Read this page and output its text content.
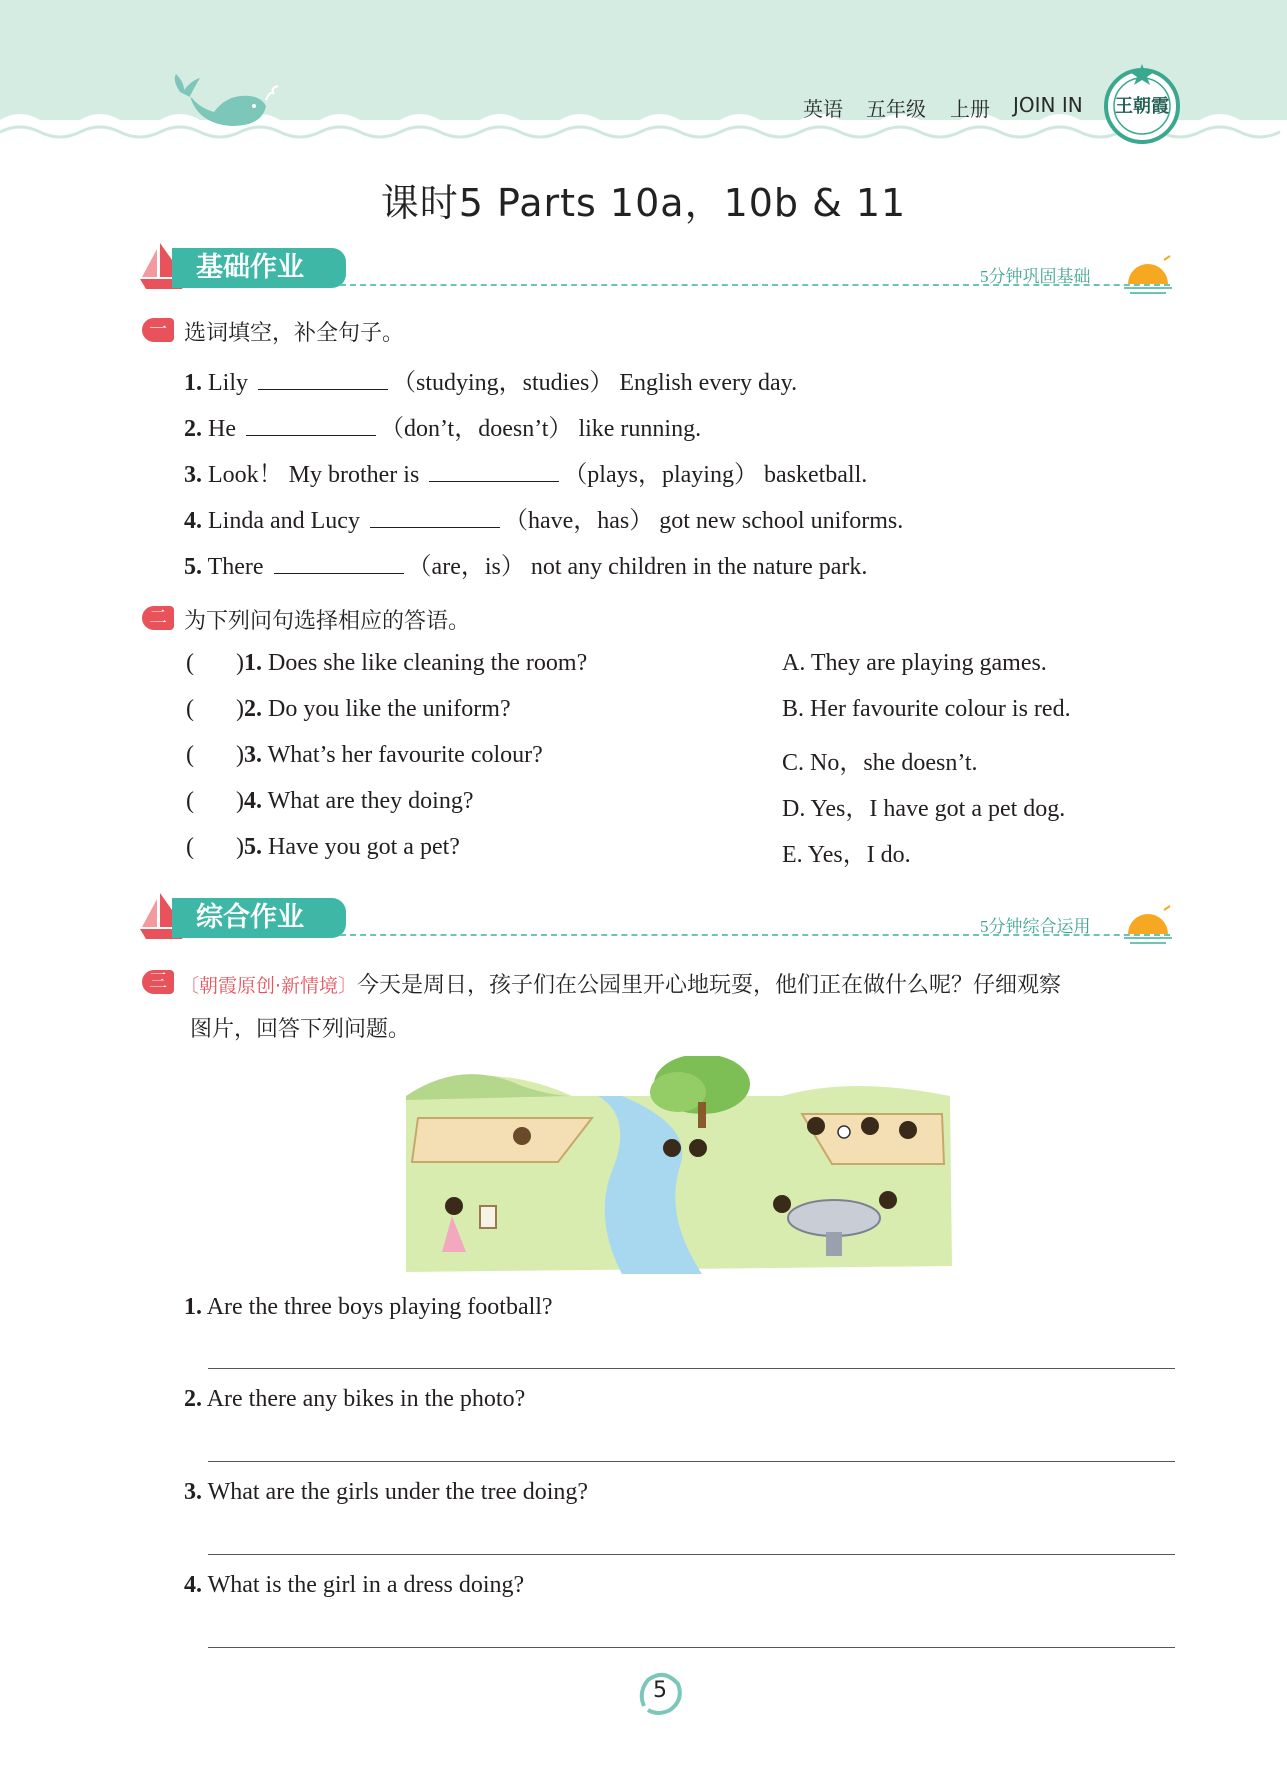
英语 五年级 上册 JOIN IN 王朝霞
课时5 Parts 10a，10b & 11
基础作业	5分钟巩固基础
一 选词填空，补全句子。
1. Lily	（studying，studies） English every day.
2. He	（don’t，doesn’t） like running.
3. Look！ My brother is	（plays，playing） basketball.
4. Linda and Lucy	（have，has） got new school uniforms.
5. There	（are，is） not any children in the nature park.
二 为下列问句选择相应的答语。
(       )1. Does she like cleaning the room?
(       )2. Do you like the uniform?
(       )3. What’s her favourite colour?
(       )4. What are they doing?
(       )5. Have you got a pet?
A. They are playing games.
B. Her favourite colour is red.
C. No，she doesn’t.
D. Yes，I have got a pet dog.
E. Yes，I do.
综合作业	5分钟综合运用
三 〔朝霞原创·新情境〕今天是周日，孩子们在公园里开心地玩耍，他们正在做什么呢？仔细观察
图片，回答下列问题。
1. Are the three boys playing football?
2. Are there any bikes in the photo?
3. What are the girls under the tree doing?
4. What is the girl in a dress doing?
5
